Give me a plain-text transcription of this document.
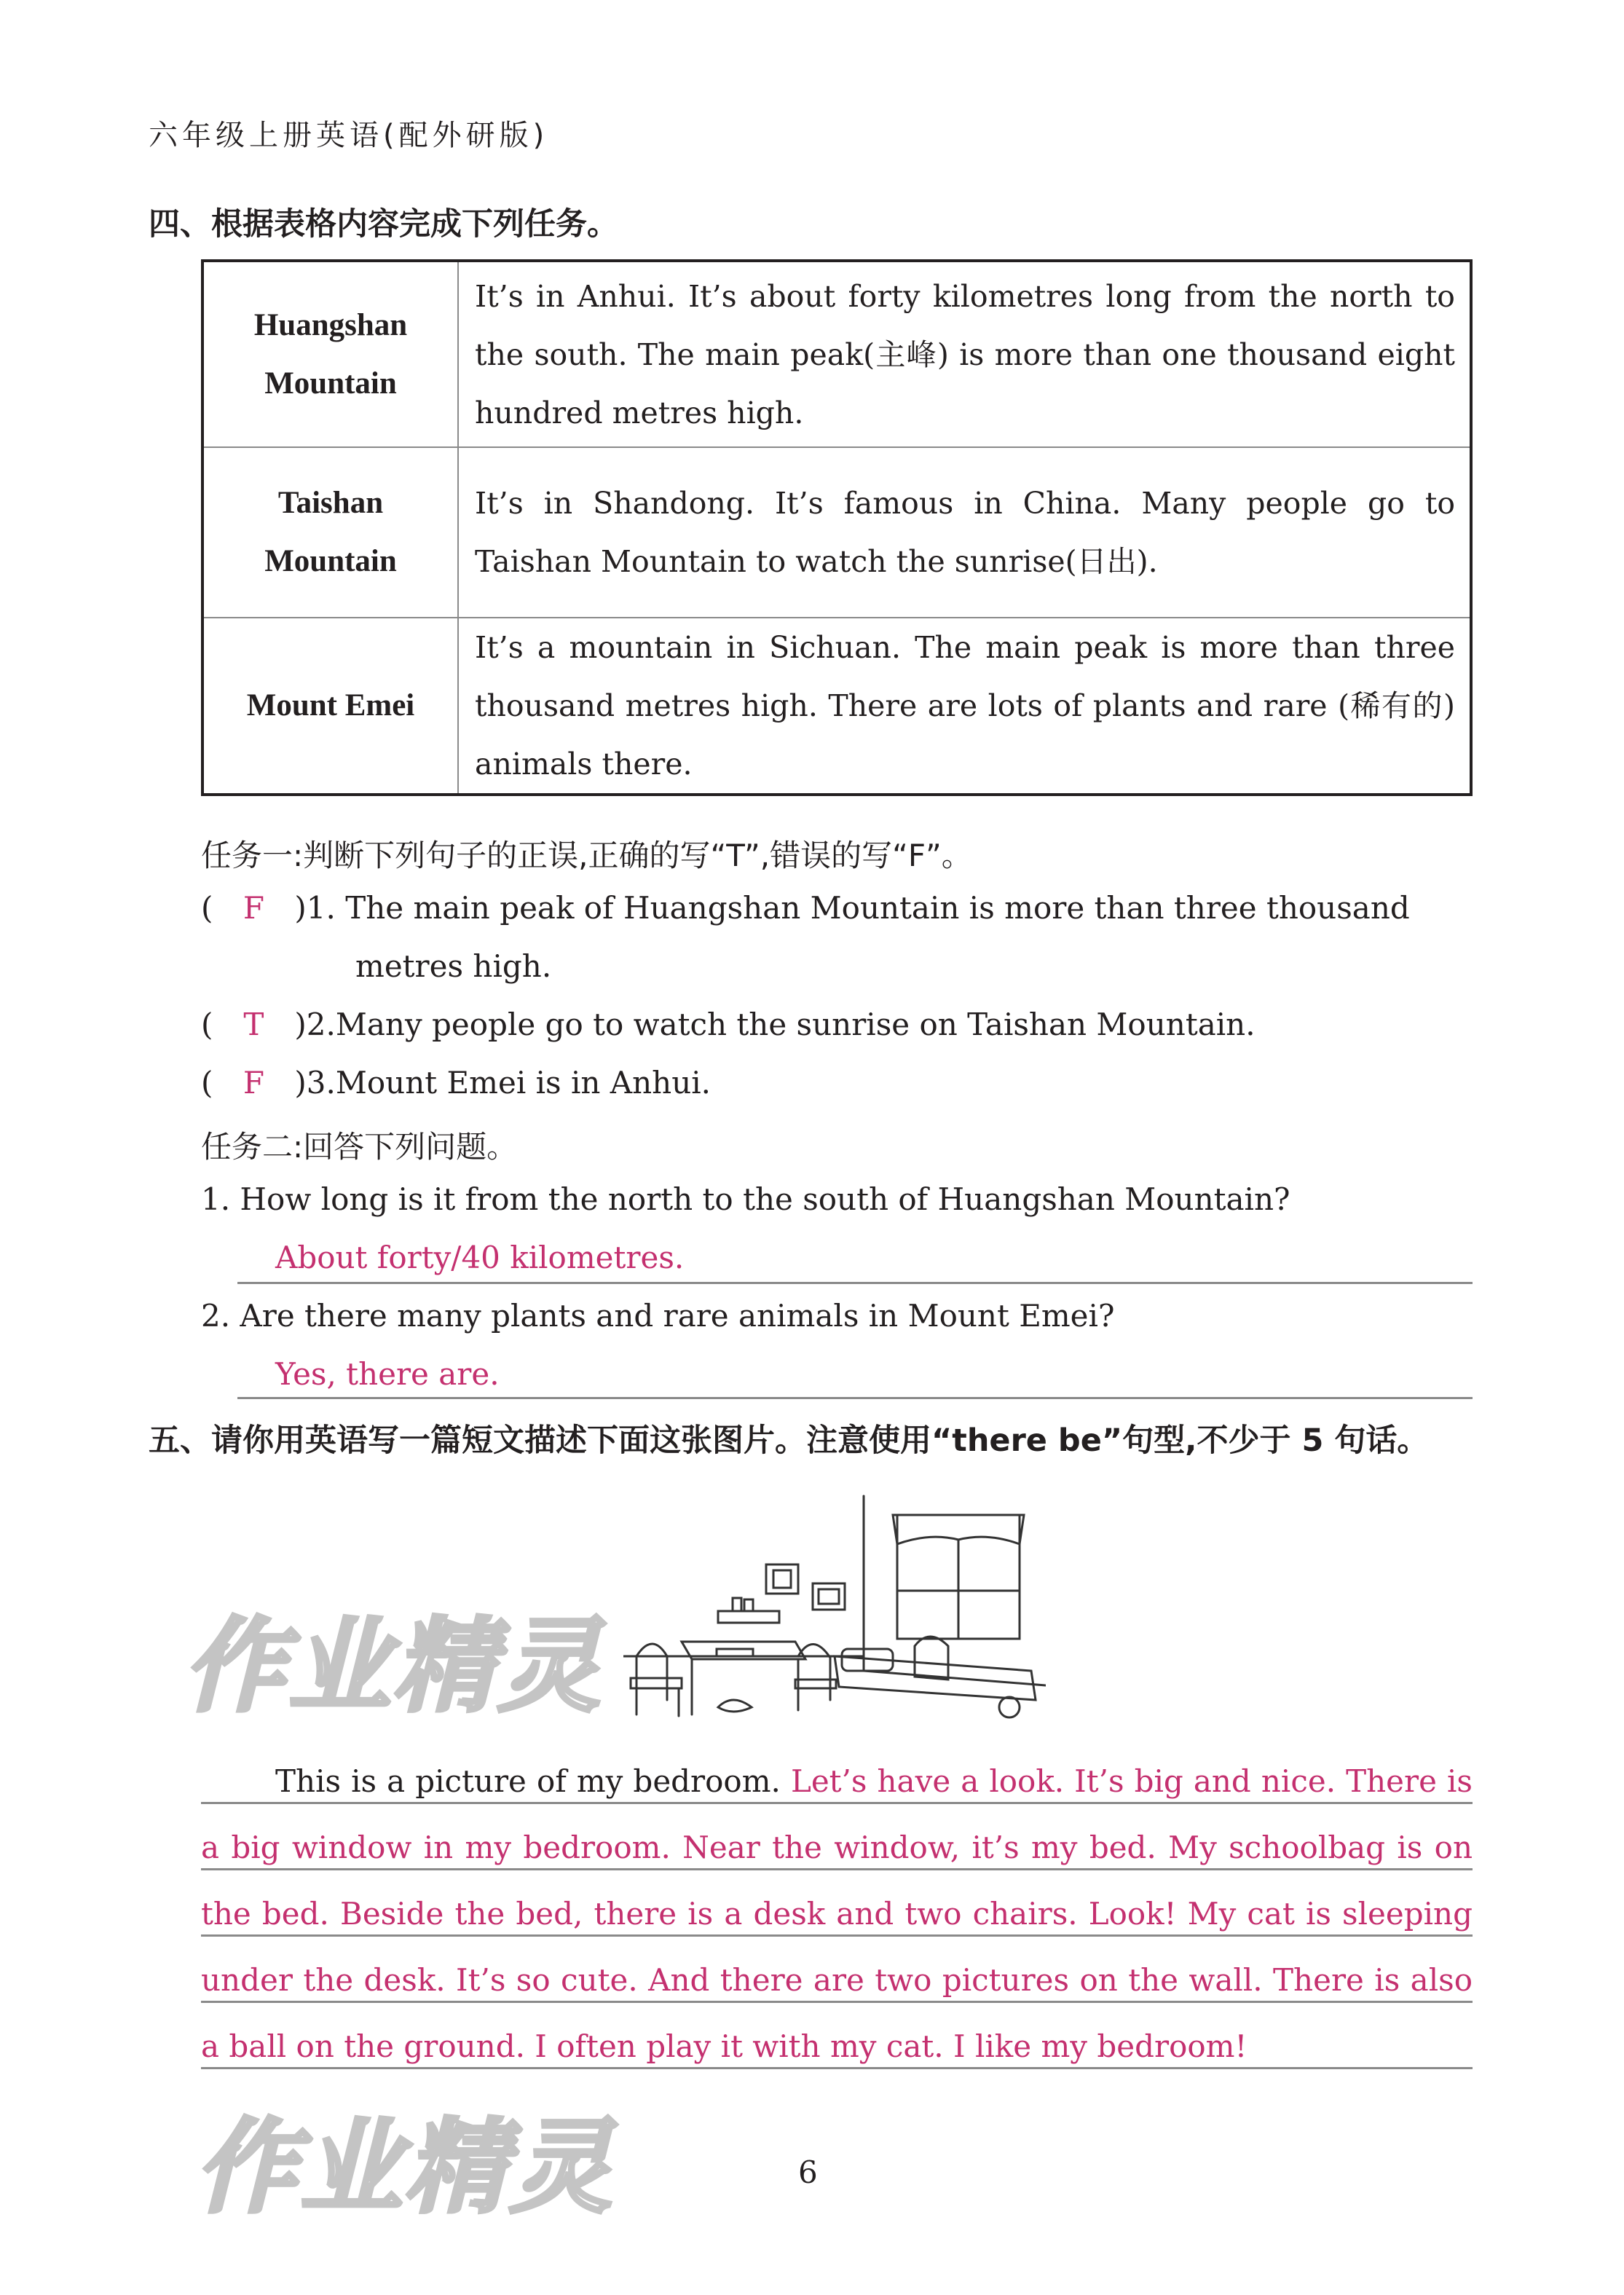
六年级上册英语(配外研版)
四、根据表格内容完成下列任务。
Huangshan
Mountain	It’s in Anhui. It’s about forty kilometres long from the north to the south. The main peak(主峰) is more than one thousand eight hundred metres high.

Taishan
Mountain	It’s in Shandong. It’s famous in China. Many people go to Taishan Mountain to watch the sunrise(日出).

Mount Emei	It’s a mountain in Sichuan. The main peak is more than three thousand metres high. There are lots of plants and rare (稀有的) animals there.
任务一:判断下列句子的正误,正确的写“T”,错误的写“F”。
( F )1. The main peak of Huangshan Mountain is more than three thousand
metres high.
( T )2.Many people go to watch the sunrise on Taishan Mountain.
( F )3.Mount Emei is in Anhui.
任务二:回答下列问题。
1. How long is it from the north to the south of Huangshan Mountain?
About forty/40 kilometres.
2. Are there many plants and rare animals in Mount Emei?
Yes, there are.
五、请你用英语写一篇短文描述下面这张图片。注意使用“there be”句型,不少于 5 句话。
作业精灵
This is a picture of my bedroom. Let’s have a look. It’s big and nice. There is a big window in my bedroom. Near the window, it’s my bed. My schoolbag is on the bed. Beside the bed, there is a desk and two chairs. Look! My cat is sleeping under the desk. It’s so cute. And there are two pictures on the wall. There is also a ball on the ground. I often play it with my cat. I like my bedroom!
作业精灵	6
